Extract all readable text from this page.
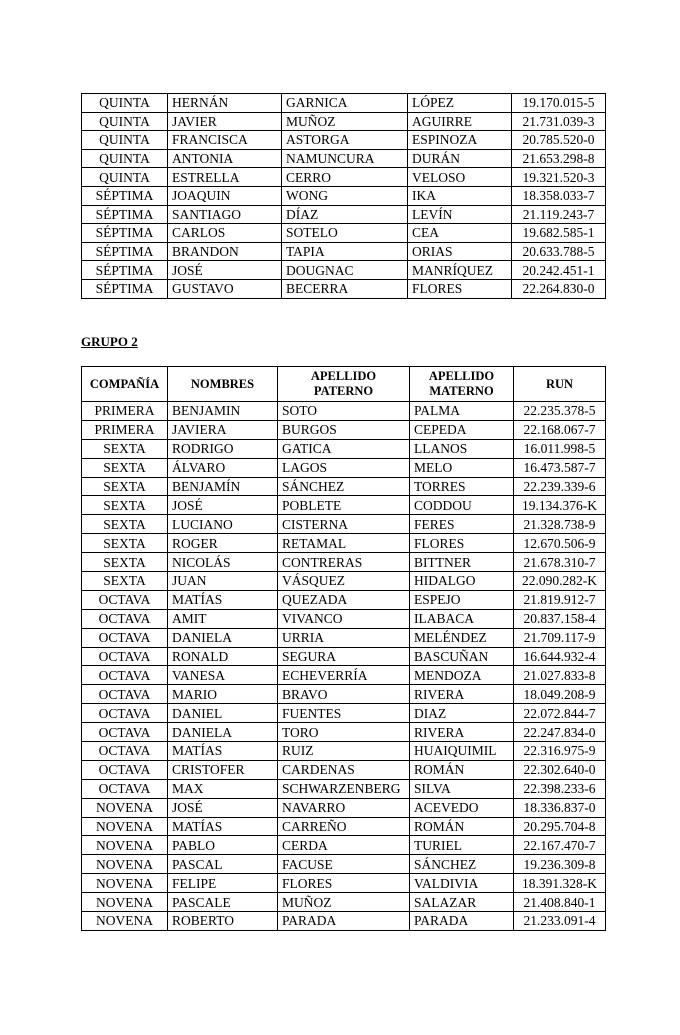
QUINTA	HERNÁN	GARNICA	LÓPEZ	19.170.015-5
QUINTA	JAVIER	MUÑOZ	AGUIRRE	21.731.039-3
QUINTA	FRANCISCA	ASTORGA	ESPINOZA	20.785.520-0
QUINTA	ANTONIA	NAMUNCURA	DURÁN	21.653.298-8
QUINTA	ESTRELLA	CERRO	VELOSO	19.321.520-3
SÉPTIMA	JOAQUIN	WONG	IKA	18.358.033-7
SÉPTIMA	SANTIAGO	DÍAZ	LEVÍN	21.119.243-7
SÉPTIMA	CARLOS	SOTELO	CEA	19.682.585-1
SÉPTIMA	BRANDON	TAPIA	ORIAS	20.633.788-5
SÉPTIMA	JOSÉ	DOUGNAC	MANRÍQUEZ	20.242.451-1
SÉPTIMA	GUSTAVO	BECERRA	FLORES	22.264.830-0
GRUPO 2
COMPAÑÍA	NOMBRES	APELLIDO PATERNO	APELLIDO MATERNO	RUN
PRIMERA	BENJAMIN	SOTO	PALMA	22.235.378-5
PRIMERA	JAVIERA	BURGOS	CEPEDA	22.168.067-7
SEXTA	RODRIGO	GATICA	LLANOS	16.011.998-5
SEXTA	ÁLVARO	LAGOS	MELO	16.473.587-7
SEXTA	BENJAMÍN	SÁNCHEZ	TORRES	22.239.339-6
SEXTA	JOSÉ	POBLETE	CODDOU	19.134.376-K
SEXTA	LUCIANO	CISTERNA	FERES	21.328.738-9
SEXTA	ROGER	RETAMAL	FLORES	12.670.506-9
SEXTA	NICOLÁS	CONTRERAS	BITTNER	21.678.310-7
SEXTA	JUAN	VÁSQUEZ	HIDALGO	22.090.282-K
OCTAVA	MATÍAS	QUEZADA	ESPEJO	21.819.912-7
OCTAVA	AMIT	VIVANCO	ILABACA	20.837.158-4
OCTAVA	DANIELA	URRIA	MELÉNDEZ	21.709.117-9
OCTAVA	RONALD	SEGURA	BASCUÑAN	16.644.932-4
OCTAVA	VANESA	ECHEVERRÍA	MENDOZA	21.027.833-8
OCTAVA	MARIO	BRAVO	RIVERA	18.049.208-9
OCTAVA	DANIEL	FUENTES	DIAZ	22.072.844-7
OCTAVA	DANIELA	TORO	RIVERA	22.247.834-0
OCTAVA	MATÍAS	RUIZ	HUAIQUIMIL	22.316.975-9
OCTAVA	CRISTOFER	CARDENAS	ROMÁN	22.302.640-0
OCTAVA	MAX	SCHWARZENBERG	SILVA	22.398.233-6
NOVENA	JOSÉ	NAVARRO	ACEVEDO	18.336.837-0
NOVENA	MATÍAS	CARREÑO	ROMÁN	20.295.704-8
NOVENA	PABLO	CERDA	TURIEL	22.167.470-7
NOVENA	PASCAL	FACUSE	SÁNCHEZ	19.236.309-8
NOVENA	FELIPE	FLORES	VALDIVIA	18.391.328-K
NOVENA	PASCALE	MUÑOZ	SALAZAR	21.408.840-1
NOVENA	ROBERTO	PARADA	PARADA	21.233.091-4
